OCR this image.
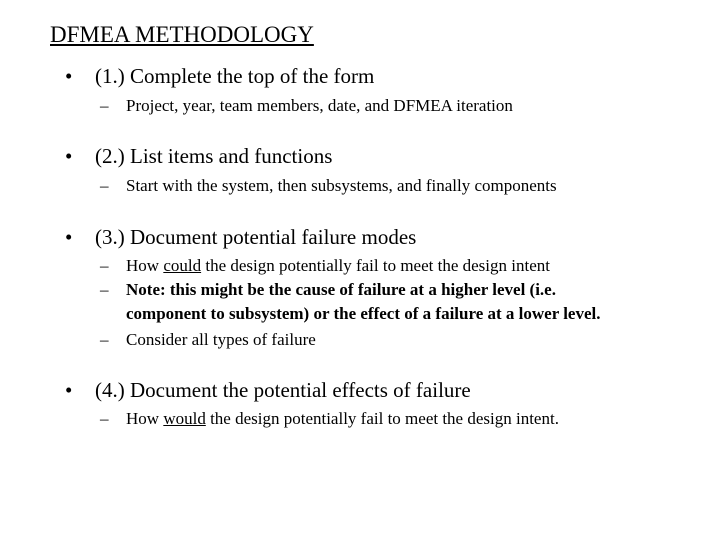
DFMEA METHODOLOGY
• (1.) Complete the top of the form
– Project, year, team members, date, and DFMEA iteration
• (2.) List items and functions
– Start with the system, then subsystems, and finally components
• (3.) Document potential failure modes
– How could the design potentially fail to meet the design intent
– Note: this might be the cause of failure at a higher level (i.e.
component to subsystem) or the effect of a failure at a lower level.
– Consider all types of failure
• (4.) Document the potential effects of failure
– How would the design potentially fail to meet the design intent.
